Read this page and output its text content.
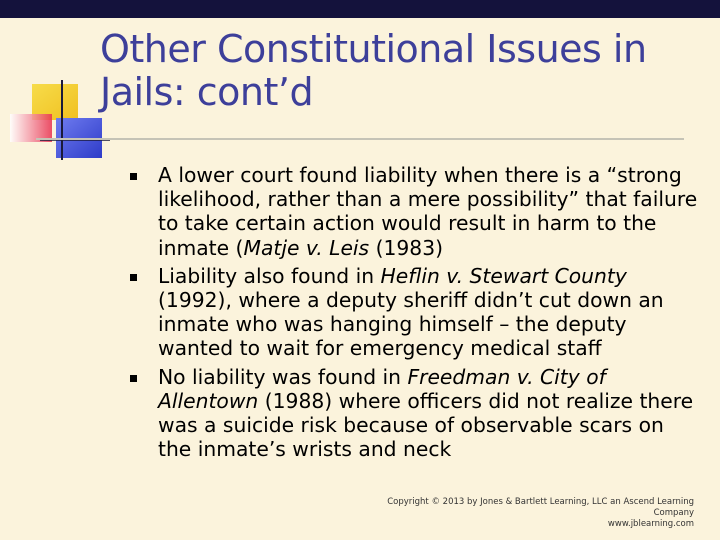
Other Constitutional Issues in Jails: cont’d
A lower court found liability when there is a “strong likelihood, rather than a mere possibility” that failure to take certain action would result in harm to the inmate (Matje v. Leis (1983)
Liability also found in Heflin v. Stewart County (1992), where a deputy sheriff didn’t cut down an inmate who was hanging himself – the deputy wanted to wait for emergency medical staff
No liability was found in Freedman v. City of Allentown (1988) where officers did not realize there was a suicide risk because of observable scars on the inmate’s wrists and neck
Copyright © 2013 by Jones & Bartlett Learning, LLC an Ascend Learning Company
www.jblearning.com
